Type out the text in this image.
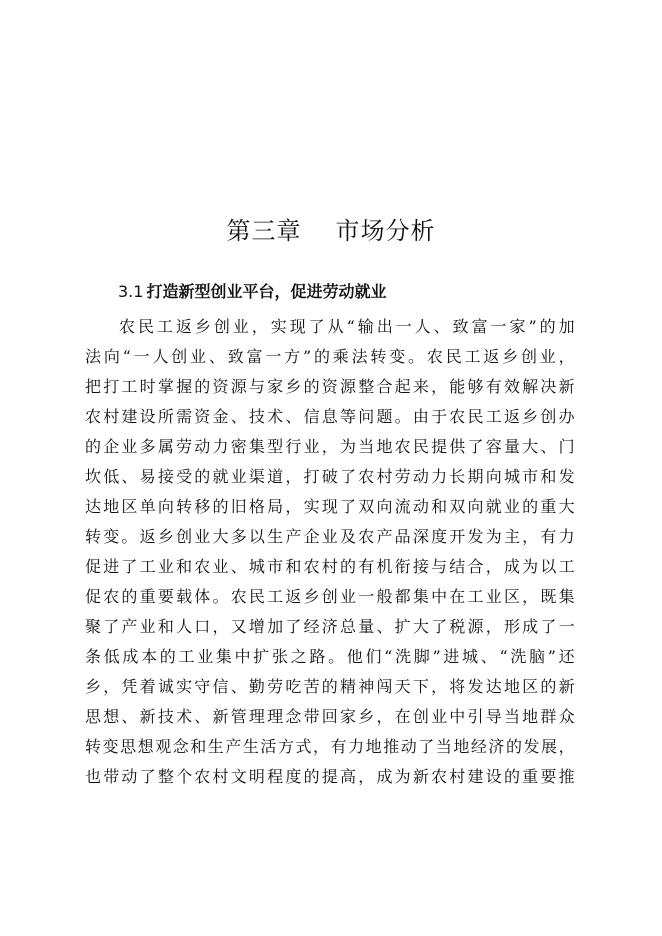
第三章 市场分析
3.1 打造新型创业平台，促进劳动就业
农民工返乡创业，实现了从“输出一人、致富一家”的加
法向“一人创业、致富一方”的乘法转变。农民工返乡创业，
把打工时掌握的资源与家乡的资源整合起来，能够有效解决新
农村建设所需资金、技术、信息等问题。由于农民工返乡创办
的企业多属劳动力密集型行业，为当地农民提供了容量大、门
坎低、易接受的就业渠道，打破了农村劳动力长期向城市和发
达地区单向转移的旧格局，实现了双向流动和双向就业的重大
转变。返乡创业大多以生产企业及农产品深度开发为主，有力
促进了工业和农业、城市和农村的有机衔接与结合，成为以工
促农的重要载体。农民工返乡创业一般都集中在工业区，既集
聚了产业和人口，又增加了经济总量、扩大了税源，形成了一
条低成本的工业集中扩张之路。他们“洗脚”进城、“洗脑”还
乡，凭着诚实守信、勤劳吃苦的精神闯天下，将发达地区的新
思想、新技术、新管理理念带回家乡，在创业中引导当地群众
转变思想观念和生产生活方式，有力地推动了当地经济的发展，
也带动了整个农村文明程度的提高，成为新农村建设的重要推
